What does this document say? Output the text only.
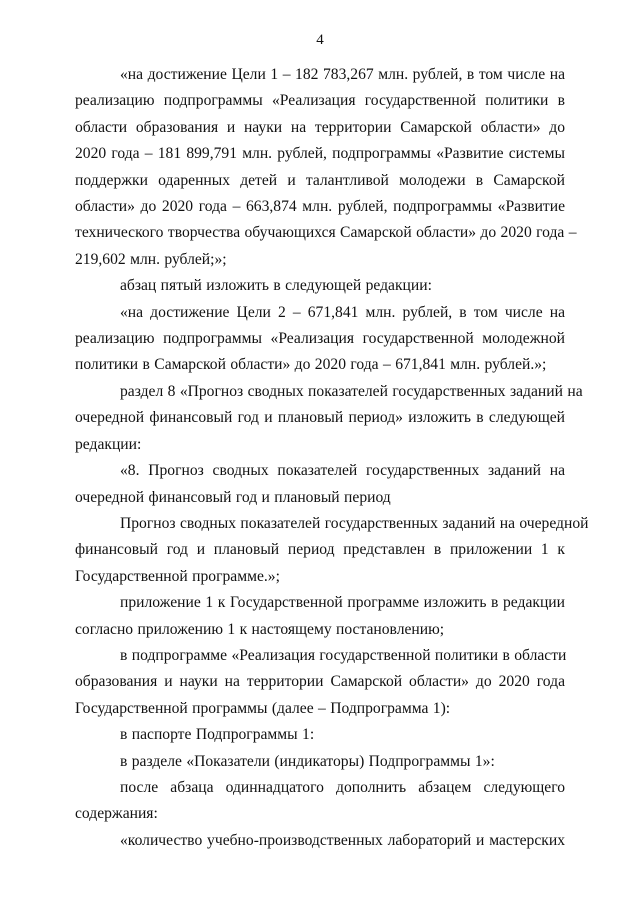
4

«на достижение Цели 1 – 182 783,267 млн. рублей, в том числе на
реализацию подпрограммы «Реализация государственной политики в
области образования и науки на территории Самарской области» до
2020 года – 181 899,791 млн. рублей, подпрограммы «Развитие системы
поддержки одаренных детей и талантливой молодежи в Самарской
области» до 2020 года – 663,874 млн. рублей, подпрограммы «Развитие
технического творчества обучающихся Самарской области» до 2020 года –
219,602 млн. рублей;»;

абзац пятый изложить в следующей редакции:

«на достижение Цели 2 – 671,841 млн. рублей, в том числе на
реализацию подпрограммы «Реализация государственной молодежной
политики в Самарской области» до 2020 года – 671,841 млн. рублей.»;

раздел 8 «Прогноз сводных показателей государственных заданий на
очередной финансовый год и плановый период» изложить в следующей
редакции:

«8. Прогноз сводных показателей государственных заданий на
очередной финансовый год и плановый период

Прогноз сводных показателей государственных заданий на очередной
финансовый год и плановый период представлен в приложении 1 к
Государственной программе.»;

приложение 1 к Государственной программе изложить в редакции
согласно приложению 1 к настоящему постановлению;

в подпрограмме «Реализация государственной политики в области
образования и науки на территории Самарской области» до 2020 года
Государственной программы (далее – Подпрограмма 1):

в паспорте Подпрограммы 1:

в разделе «Показатели (индикаторы) Подпрограммы 1»:

после абзаца одиннадцатого дополнить абзацем следующего
содержания:

«количество учебно-производственных лабораторий и мастерских
